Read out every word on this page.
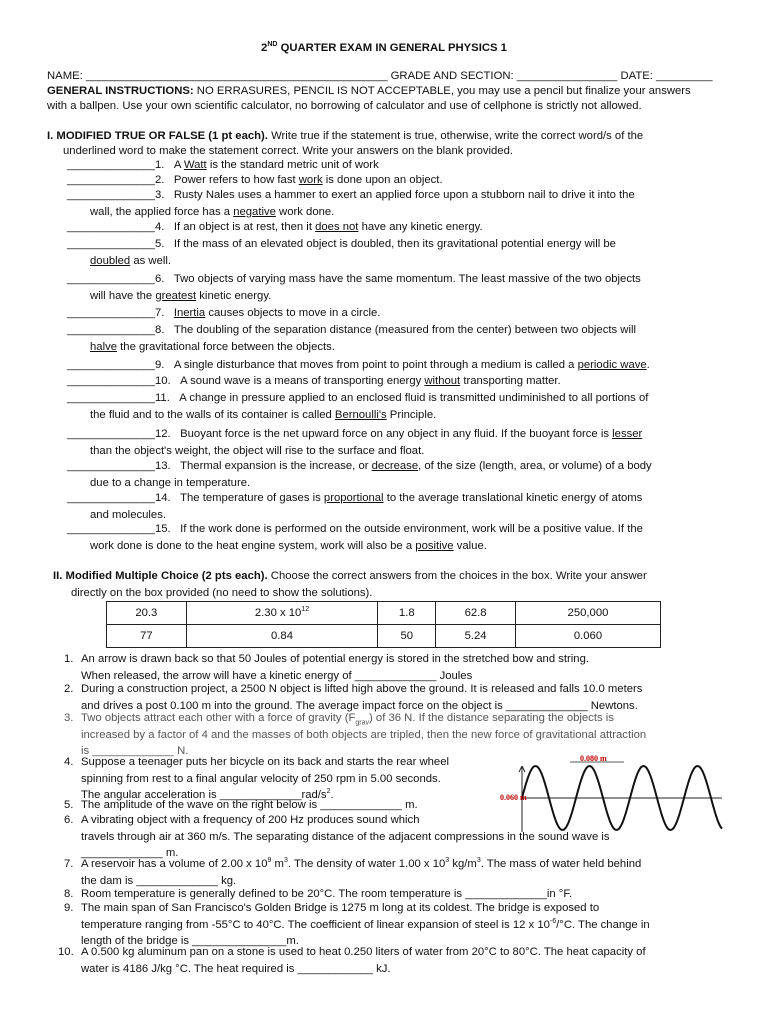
2ND QUARTER EXAM IN GENERAL PHYSICS 1
NAME: ________________________________________________ GRADE AND SECTION: ________________ DATE: _________
GENERAL INSTRUCTIONS: NO ERRASURES, PENCIL IS NOT ACCEPTABLE, you may use a pencil but finalize your answers
with a ballpen. Use your own scientific calculator, no borrowing of calculator and use of cellphone is strictly not allowed.
I. MODIFIED TRUE OR FALSE (1 pt each). Write true if the statement is true, otherwise, write the correct word/s of the
underlined word to make the statement correct. Write your answers on the blank provided.
______________1. A Watt is the standard metric unit of work
______________2. Power refers to how fast work is done upon an object.
______________3. Rusty Nales uses a hammer to exert an applied force upon a stubborn nail to drive it into the
wall, the applied force has a negative work done.
______________4. If an object is at rest, then it does not have any kinetic energy.
______________5. If the mass of an elevated object is doubled, then its gravitational potential energy will be
doubled as well.
______________6. Two objects of varying mass have the same momentum. The least massive of the two objects
will have the greatest kinetic energy.
______________7. Inertia causes objects to move in a circle.
______________8. The doubling of the separation distance (measured from the center) between two objects will
halve the gravitational force between the objects.
______________9. A single disturbance that moves from point to point through a medium is called a periodic wave.
______________10. A sound wave is a means of transporting energy without transporting matter.
______________11. A change in pressure applied to an enclosed fluid is transmitted undiminished to all portions of
the fluid and to the walls of its container is called Bernoulli's Principle.
______________12. Buoyant force is the net upward force on any object in any fluid. If the buoyant force is lesser
than the object's weight, the object will rise to the surface and float.
______________13. Thermal expansion is the increase, or decrease, of the size (length, area, or volume) of a body
due to a change in temperature.
______________14. The temperature of gases is proportional to the average translational kinetic energy of atoms
and molecules.
______________15. If the work done is performed on the outside environment, work will be a positive value. If the
work done is done to the heat engine system, work will also be a positive value.
II. Modified Multiple Choice (2 pts each). Choose the correct answers from the choices in the box. Write your answer
directly on the box provided (no need to show the solutions).
20.3	2.30 x $10^{12}$	1.8	62.8	250,000
77	0.84	50	5.24	0.060
1. An arrow is drawn back so that 50 Joules of potential energy is stored in the stretched bow and string.
When released, the arrow will have a kinetic energy of _____________ Joules
2. During a construction project, a 2500 N object is lifted high above the ground. It is released and falls 10.0 meters
and drives a post 0.100 m into the ground. The average impact force on the object is _____________ Newtons.
3. Two objects attract each other with a force of gravity $(F_{grav})$ of 36 N. If the distance separating the objects is
increased by a factor of 4 and the masses of both objects are tripled, then the new force of gravitational attraction
is _____________ N.
4. Suppose a teenager puts her bicycle on its back and starts the rear wheel
spinning from rest to a final angular velocity of 250 rpm in 5.00 seconds.
The angular acceleration is $\_\_\_\_\_\_\_\_\_\_\_\_\_rad/s^2$.
5. The amplitude of the wave on the right below is _____________ m.
6. A vibrating object with a frequency of 200 Hz produces sound which
travels through air at 360 m/s. The separating distance of the adjacent compressions in the sound wave is
_____________ m.
7. A reservoir has a volume of 2.00 x $10^9$ $m^3$. The density of water 1.00 x $10^3$ $kg/m^3$. The mass of water held behind
the dam is _____________ kg.
8. Room temperature is generally defined to be 20°C. The room temperature is _____________in °F.
9. The main span of San Francisco's Golden Bridge is 1275 m long at its coldest. The bridge is exposed to
temperature ranging from -55°C to 40°C. The coefficient of linear expansion of steel is 12 x $10^{-6}/^\circ C$. The change in
length of the bridge is _______________m.
10. A 0.500 kg aluminum pan on a stone is used to heat 0.250 liters of water from 20°C to 80°C. The heat capacity of
water is 4186 J/kg °C. The heat required is ____________ kJ.
0.080 m
0.060 m
